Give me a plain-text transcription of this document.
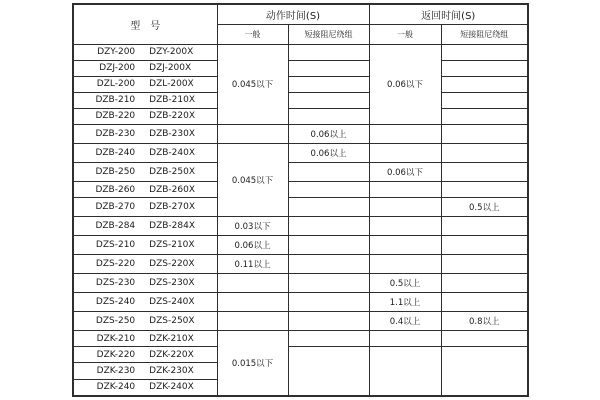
型　号	动作时间(S)		返回时间(S)	
	一般	短接阻尼绕组	一般	短接阻尼绕组
DZY-200 DZY-200X	0.045以下		0.06以下	
DZJ-200 DZJ-200X				
DZL-200 DZL-200X				
DZB-210 DZB-210X				
DZB-220 DZB-220X				
DZB-230 DZB-230X		0.06以上		
DZB-240 DZB-240X	0.045以下	0.06以上		
DZB-250 DZB-250X			0.06以下	
DZB-260 DZB-260X				
DZB-270 DZB-270X				0.5以上
DZB-284 DZB-284X	0.03以下			
DZS-210 DZS-210X	0.06以上			
DZS-220 DZS-220X	0.11以上			
DZS-230 DZS-230X			0.5以上	
DZS-240 DZS-240X			1.1以上	
DZS-250 DZS-250X			0.4以上	0.8以上
DZK-210 DZK-210X	0.015以下			
DZK-220 DZK-220X				
DZK-230 DZK-230X				
DZK-240 DZK-240X				
